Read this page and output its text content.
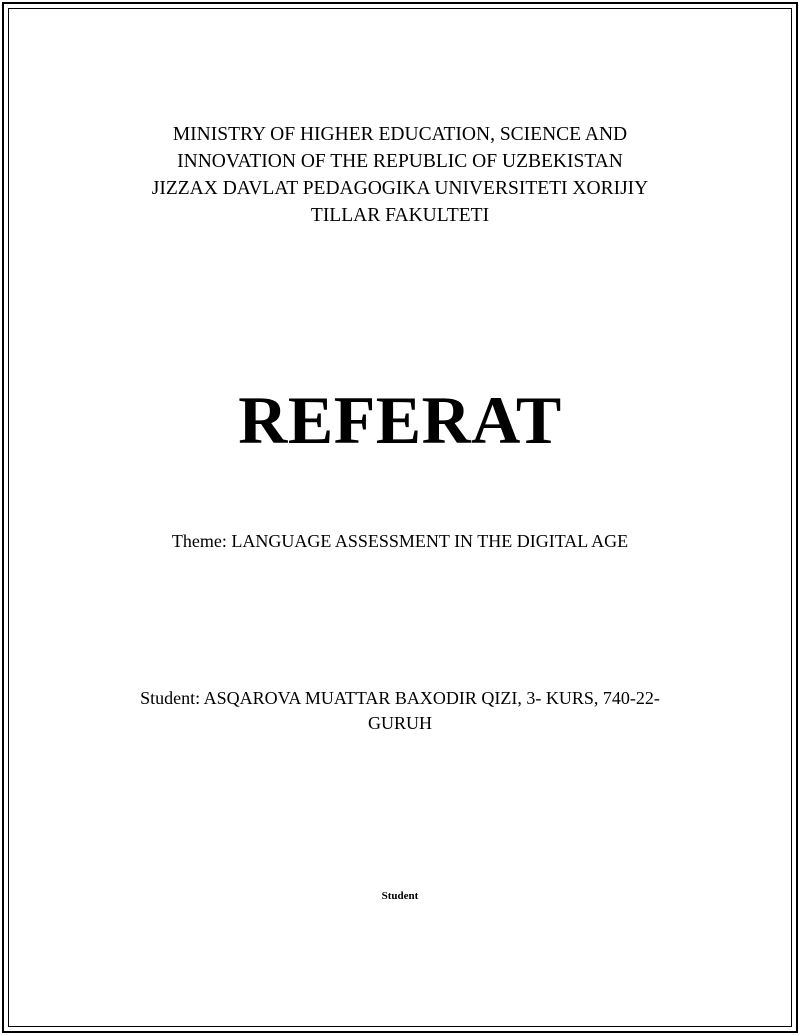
MINISTRY OF HIGHER EDUCATION, SCIENCE AND
INNOVATION OF THE REPUBLIC OF UZBEKISTAN
JIZZAX DAVLAT PEDAGOGIKA UNIVERSITETI XORIJIY
TILLAR FAKULTETI
REFERAT
Theme: LANGUAGE ASSESSMENT IN THE DIGITAL AGE
Student: ASQAROVA MUATTAR BAXODIR QIZI, 3- KURS, 740-22-
GURUH
Student
